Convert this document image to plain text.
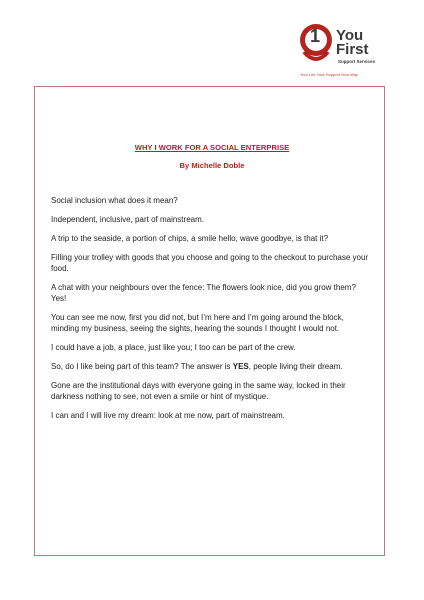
1 You
First
Support Services
Your Life Your Support Your Way
WHY I WORK FOR A SOCIAL ENTERPRISE
By Michelle Doble

Social inclusion what does it mean?

Independent, inclusive, part of mainstream.

A trip to the seaside, a portion of chips, a smile hello, wave goodbye, is that it?

Filling your trolley with goods that you choose and going to the checkout to purchase your food.

A chat with your neighbours over the fence: The flowers look nice, did you grow them? Yes!

You can see me now, first you did not, but I’m here and I’m going around the block, minding my business, seeing the sights, hearing the sounds I thought I would not.

I could have a job, a place, just like you; I too can be part of the crew.

So, do I like being part of this team? The answer is YES, people living their dream.

Gone are the institutional days with everyone going in the same way, locked in their darkness nothing to see, not even a smile or hint of mystique.

I can and I will live my dream: look at me now, part of mainstream.
